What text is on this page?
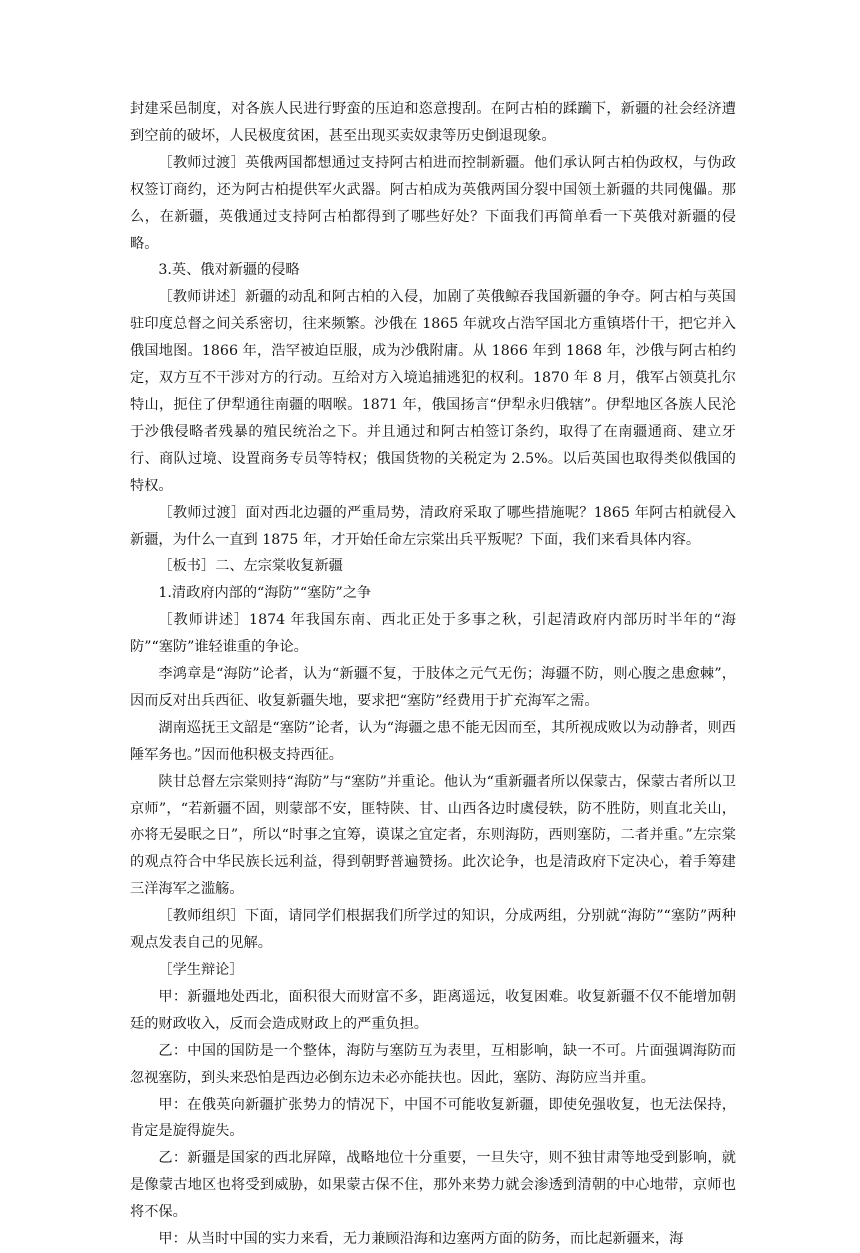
封建采邑制度，对各族人民进行野蛮的压迫和恣意搜刮。在阿古柏的蹂躏下，新疆的社会经济遭到空前的破坏，人民极度贫困，甚至出现买卖奴隶等历史倒退现象。

［教师过渡］英俄两国都想通过支持阿古柏进而控制新疆。他们承认阿古柏伪政权，与伪政权签订商约，还为阿古柏提供军火武器。阿古柏成为英俄两国分裂中国领土新疆的共同傀儡。那么，在新疆，英俄通过支持阿古柏都得到了哪些好处？下面我们再简单看一下英俄对新疆的侵略。

3.英、俄对新疆的侵略

［教师讲述］新疆的动乱和阿古柏的入侵，加剧了英俄鲸吞我国新疆的争夺。阿古柏与英国驻印度总督之间关系密切，往来频繁。沙俄在 1865 年就攻占浩罕国北方重镇塔什干，把它并入俄国地图。1866 年，浩罕被迫臣服，成为沙俄附庸。从 1866 年到 1868 年，沙俄与阿古柏约定，双方互不干涉对方的行动。互给对方入境追捕逃犯的权利。1870 年 8 月，俄军占领莫扎尔特山，扼住了伊犁通往南疆的咽喉。1871 年，俄国扬言“伊犁永归俄辖”。伊犁地区各族人民沦于沙俄侵略者残暴的殖民统治之下。并且通过和阿古柏签订条约，取得了在南疆通商、建立牙行、商队过境、设置商务专员等特权；俄国货物的关税定为 2.5%。以后英国也取得类似俄国的特权。

［教师过渡］面对西北边疆的严重局势，清政府采取了哪些措施呢？1865 年阿古柏就侵入新疆，为什么一直到 1875 年，才开始任命左宗棠出兵平叛呢？下面，我们来看具体内容。

［板书］二、左宗棠收复新疆

1.清政府内部的“海防”“塞防”之争

［教师讲述］1874 年我国东南、西北正处于多事之秋，引起清政府内部历时半年的“海防”“塞防”谁轻谁重的争论。

李鸿章是“海防”论者，认为“新疆不复，于肢体之元气无伤；海疆不防，则心腹之患愈棘”，因而反对出兵西征、收复新疆失地，要求把“塞防”经费用于扩充海军之需。

湖南巡抚王文韶是“塞防”论者，认为“海疆之患不能无因而至，其所视成败以为动静者，则西陲军务也。”因而他积极支持西征。

陕甘总督左宗棠则持“海防”与“塞防”并重论。他认为“重新疆者所以保蒙古，保蒙古者所以卫京师”，“若新疆不固，则蒙部不安，匪特陕、甘、山西各边时虞侵轶，防不胜防，则直北关山，亦将无晏眠之日”，所以“时事之宜筹，谟谋之宜定者，东则海防，西则塞防，二者并重。”左宗棠的观点符合中华民族长远利益，得到朝野普遍赞扬。此次论争，也是清政府下定决心，着手筹建三洋海军之滥觞。

［教师组织］下面，请同学们根据我们所学过的知识，分成两组，分别就“海防”“塞防”两种观点发表自己的见解。

［学生辩论］

甲：新疆地处西北，面积很大而财富不多，距离遥远，收复困难。收复新疆不仅不能增加朝廷的财政收入，反而会造成财政上的严重负担。

乙：中国的国防是一个整体，海防与塞防互为表里，互相影响，缺一不可。片面强调海防而忽视塞防，到头来恐怕是西边必倒东边未必亦能扶也。因此，塞防、海防应当并重。

甲：在俄英向新疆扩张势力的情况下，中国不可能收复新疆，即使免强收复，也无法保持，肯定是旋得旋失。

乙：新疆是国家的西北屏障，战略地位十分重要，一旦失守，则不独甘肃等地受到影响，就是像蒙古地区也将受到威胁，如果蒙古保不住，那外来势力就会渗透到清朝的中心地带，京师也将不保。

甲：从当时中国的实力来看，无力兼顾沿海和边塞两方面的防务，而比起新疆来，海
